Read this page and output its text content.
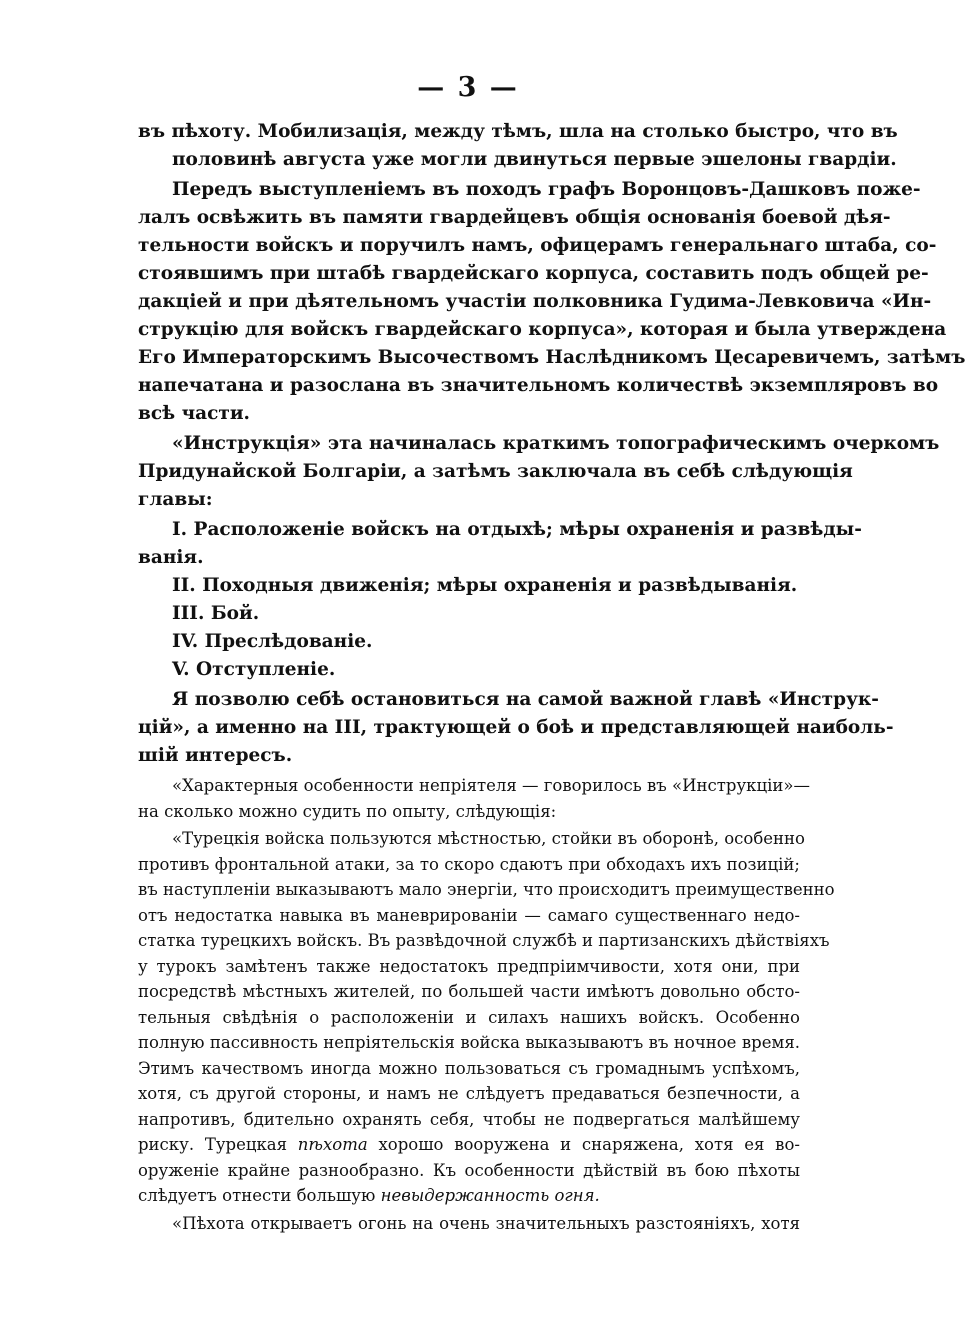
— 3 —
въ пѣхоту. Мобилизація, между тѣмъ, шла на столько быстро, что въ
половинѣ августа уже могли двинуться первые эшелоны гвардіи.
Передъ выступленіемъ въ походъ графъ Воронцовъ-Дашковъ поже-
лалъ освѣжить въ памяти гвардейцевъ общія основанія боевой дѣя-
тельности войскъ и поручилъ намъ, офицерамъ генеральнаго штаба, со-
стоявшимъ при штабѣ гвардейскаго корпуса, составить подъ общей ре-
дакціей и при дѣятельномъ участіи полковника Гудима-Левковича «Ин-
струкцію для войскъ гвардейскаго корпуса», которая и была утверждена
Его Императорскимъ Высочествомъ Наслѣдникомъ Цесаревичемъ, затѣмъ
напечатана и разослана въ значительномъ количествѣ экземпляровъ во
всѣ части.
«Инструкція» эта начиналась краткимъ топографическимъ очеркомъ
Придунайской Болгаріи, а затѣмъ заключала въ себѣ слѣдующія
главы:
I. Расположеніе войскъ на отдыхѣ; мѣры охраненія и развѣды-
ванія.
II. Походныя движенія; мѣры охраненія и развѣдыванія.
III. Бой.
IV. Преслѣдованіе.
V. Отступленіе.
Я позволю себѣ остановиться на самой важной главѣ «Инструк-
цій», а именно на III, трактующей о боѣ и представляющей наиболь-
шій интересъ.
«Характерныя особенности непріятеля — говорилось въ «Инструкціи»—
на сколько можно судить по опыту, слѣдующія:
«Турецкія войска пользуются мѣстностью, стойки въ оборонѣ, особенно
противъ фронтальной атаки, за то скоро сдаютъ при обходахъ ихъ позицій;
въ наступленіи выказываютъ мало энергіи, что происходитъ преимущественно
отъ недостатка навыка въ маневрированіи — самаго существеннаго недо-
статка турецкихъ войскъ. Въ развѣдочной службѣ и партизанскихъ дѣйствіяхъ
у турокъ замѣтенъ также недостатокъ предпріимчивости, хотя они, при
посредствѣ мѣстныхъ жителей, по большей части имѣютъ довольно обсто-
тельныя свѣдѣнія о расположеніи и силахъ нашихъ войскъ. Особенно
полную пассивность непріятельскія войска выказываютъ въ ночное время.
Этимъ качествомъ иногда можно пользоваться съ громаднымъ успѣхомъ,
хотя, съ другой стороны, и намъ не слѣдуетъ предаваться безпечности, а
напротивъ, бдительно охранять себя, чтобы не подвергаться малѣйшему
риску. Турецкая пѣхота хорошо вооружена и снаряжена, хотя ея во-
оруженіе крайне разнообразно. Къ особенности дѣйствій въ бою пѣхоты
слѣдуетъ отнести большую невыдержанность огня.
«Пѣхота открываетъ огонь на очень значительныхъ разстояніяхъ, хотя
